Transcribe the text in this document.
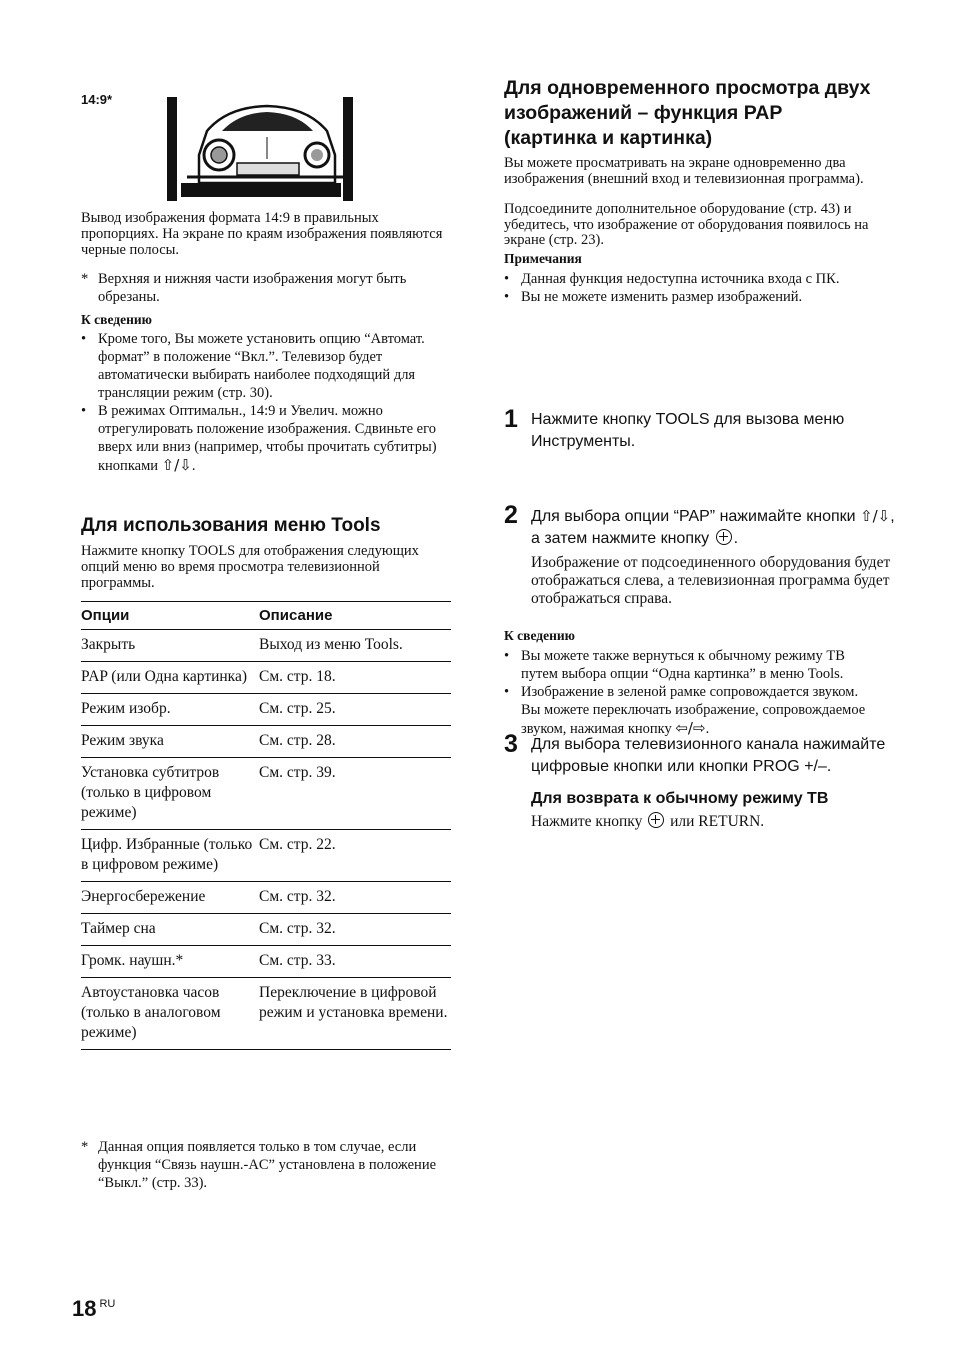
14:9*

Вывод изображения формата 14:9 в правильных пропорциях. На экране по краям изображения появляются черные полосы.

* Верхняя и нижняя части изображения могут быть обрезаны.
К сведению
• Кроме того, Вы можете установить опцию “Автомат. формат” в положение “Вкл.”. Телевизор будет автоматически выбирать наиболее подходящий для трансляции режим (стр. 30).
• В режимах Оптимальн., 14:9 и Увелич. можно отрегулировать положение изображения. Сдвиньте его вверх или вниз (например, чтобы прочитать субтитры) кнопками ⇧/⇩.
Для использования меню Tools

Нажмите кнопку TOOLS для отображения следующих опций меню во время просмотра телевизионной программы.

Опции	Описание
Закрыть	Выход из меню Tools.
PAP (или Одна картинка)	См. стр. 18.
Режим изобр.	См. стр. 25.
Режим звука	См. стр. 28.
Установка субтитров (только в цифровом режиме)	См. стр. 39.
Цифр. Избранные (только в цифровом режиме)	См. стр. 22.
Энергосбережение	См. стр. 32.
Таймер сна	См. стр. 32.
Громк. наушн.*	См. стр. 33.
Автоустановка часов (только в аналоговом режиме)	Переключение в цифровой режим и установка времени.
* Данная опция появляется только в том случае, если функция “Связь наушн.-AC” установлена в положение “Выкл.” (стр. 33).
Для одновременного просмотра двух изображений – функция PAP (картинка и картинка)

Вы можете просматривать на экране одновременно два изображения (внешний вход и телевизионная программа).

Подсоедините дополнительное оборудование (стр. 43) и убедитесь, что изображение от оборудования появилось на экране (стр. 23).

Примечания
• Данная функция недоступна источника входа с ПК.
• Вы не можете изменить размер изображений.
1 Нажмите кнопку TOOLS для вызова меню Инструменты.

2 Для выбора опции “PAP” нажимайте кнопки ⇧/⇩, а затем нажмите кнопку .

Изображение от подсоединенного оборудования будет отображаться слева, а телевизионная программа будет отображаться справа.

3 Для выбора телевизионного канала нажимайте цифровые кнопки или кнопки PROG +/–.

Для возврата к обычному режиму ТВ

Нажмите кнопку или RETURN.

К сведению
• Вы можете также вернуться к обычному режиму ТВ путем выбора опции “Одна картинка” в меню Tools.
• Изображение в зеленой рамке сопровождается звуком. Вы можете переключать изображение, сопровождаемое звуком, нажимая кнопку ⇦/⇨.
18 $^{RU}$
